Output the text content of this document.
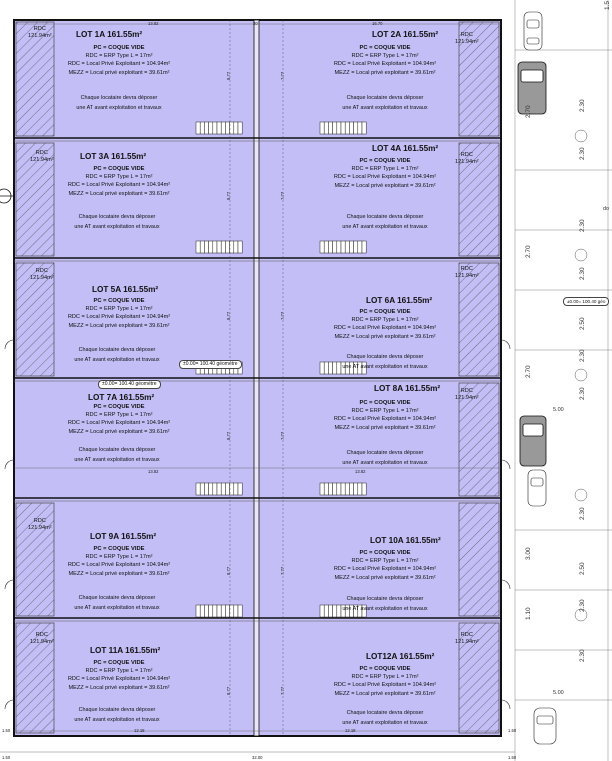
LOT 1A 161.55m²
PC = COQUE VIDE
RDC = ERP Type L = 17m²
RDC = Local Privé Exploitant = 104.94m²
MEZZ = Local privé exploitant = 39.61m²
Chaque locataire devra déposer
une AT avant exploitation et travaux
RDC
121.94m²	LOT 2A 161.55m²
PC = COQUE VIDE
RDC = ERP Type L = 17m²
RDC = Local Privé Exploitant = 104.94m²
MEZZ = Local privé exploitant = 39.61m²
Chaque locataire devra déposer
une AT avant exploitation et travaux
RDC
121.94m²
LOT 3A 161.55m²
PC = COQUE VIDE
RDC = ERP Type L = 17m²
RDC = Local Privé Exploitant = 104.94m²
MEZZ = Local privé exploitant = 39.61m²
Chaque locataire devra déposer
une AT avant exploitation et travaux
RDC
121.94m²
LOT 4A 161.55m²
PC = COQUE VIDE
RDC = ERP Type L = 17m²
RDC = Local Privé Exploitant = 104.94m²
MEZZ = Local privé exploitant = 39.61m²
Chaque locataire devra déposer
une AT avant exploitation et travaux
RDC
121.94m²
LOT 5A 161.55m²
PC = COQUE VIDE
RDC = ERP Type L = 17m²
RDC = Local Privé Exploitant = 104.94m²
MEZZ = Local privé exploitant = 39.61m²
Chaque locataire devra déposer
une AT avant exploitation et travaux
RDC
121.94m²
LOT 6A 161.55m²
PC = COQUE VIDE
RDC = ERP Type L = 17m²
RDC = Local Privé Exploitant = 104.94m²
MEZZ = Local privé exploitant = 39.61m²
Chaque locataire devra déposer
une AT avant exploitation et travaux
RDC
121.94m²
LOT 7A 161.55m²
PC = COQUE VIDE
RDC = ERP Type L = 17m²
RDC = Local Privé Exploitant = 104.94m²
MEZZ = Local privé exploitant = 39.61m²
Chaque locataire devra déposer
une AT avant exploitation et travaux
LOT 8A 161.55m²
PC = COQUE VIDE
RDC = ERP Type L = 17m²
RDC = Local Privé Exploitant = 104.94m²
MEZZ = Local privé exploitant = 39.61m²
Chaque locataire devra déposer
une AT avant exploitation et travaux
RDC
121.94m²
LOT 9A 161.55m²
PC = COQUE VIDE
RDC = ERP Type L = 17m²
RDC = Local Privé Exploitant = 104.94m²
MEZZ = Local privé exploitant = 39.61m²
Chaque locataire devra déposer
une AT avant exploitation et travaux
RDC
121.94m²
LOT 10A 161.55m²
PC = COQUE VIDE
RDC = ERP Type L = 17m²
RDC = Local Privé Exploitant = 104.94m²
MEZZ = Local privé exploitant = 39.61m²
Chaque locataire devra déposer
une AT avant exploitation et travaux
LOT 11A 161.55m²
PC = COQUE VIDE
RDC = ERP Type L = 17m²
RDC = Local Privé Exploitant = 104.94m²
MEZZ = Local privé exploitant = 39.61m²
Chaque locataire devra déposer
une AT avant exploitation et travaux
RDC
121.94m²
LOT12A 161.55m²
PC = COQUE VIDE
RDC = ERP Type L = 17m²
RDC = Local Privé Exploitant = 104.94m²
MEZZ = Local privé exploitant = 39.61m²
Chaque locataire devra déposer
une AT avant exploitation et travaux
RDC
121.94m²
±0.00= 100.40 géométre
±0.00= 100.40 géométre
±0.00= 100.40 géo
13.82	30	16.70
13.82	13.82
12.18	12.18
32.00
1.50	1.50
1.50	1.50
8.77	7.77
8.77	7.77
8.77	7.77
8.77	7.77
8.77	7.77
8.77	7.77
2.30
2.30
2.30
2.30
2.50
2.30
2.30
2.30
2.50
2.30
2.30
2.70
2.70
2.70
3.00
1.10
1.5
5.00
5.00
do
